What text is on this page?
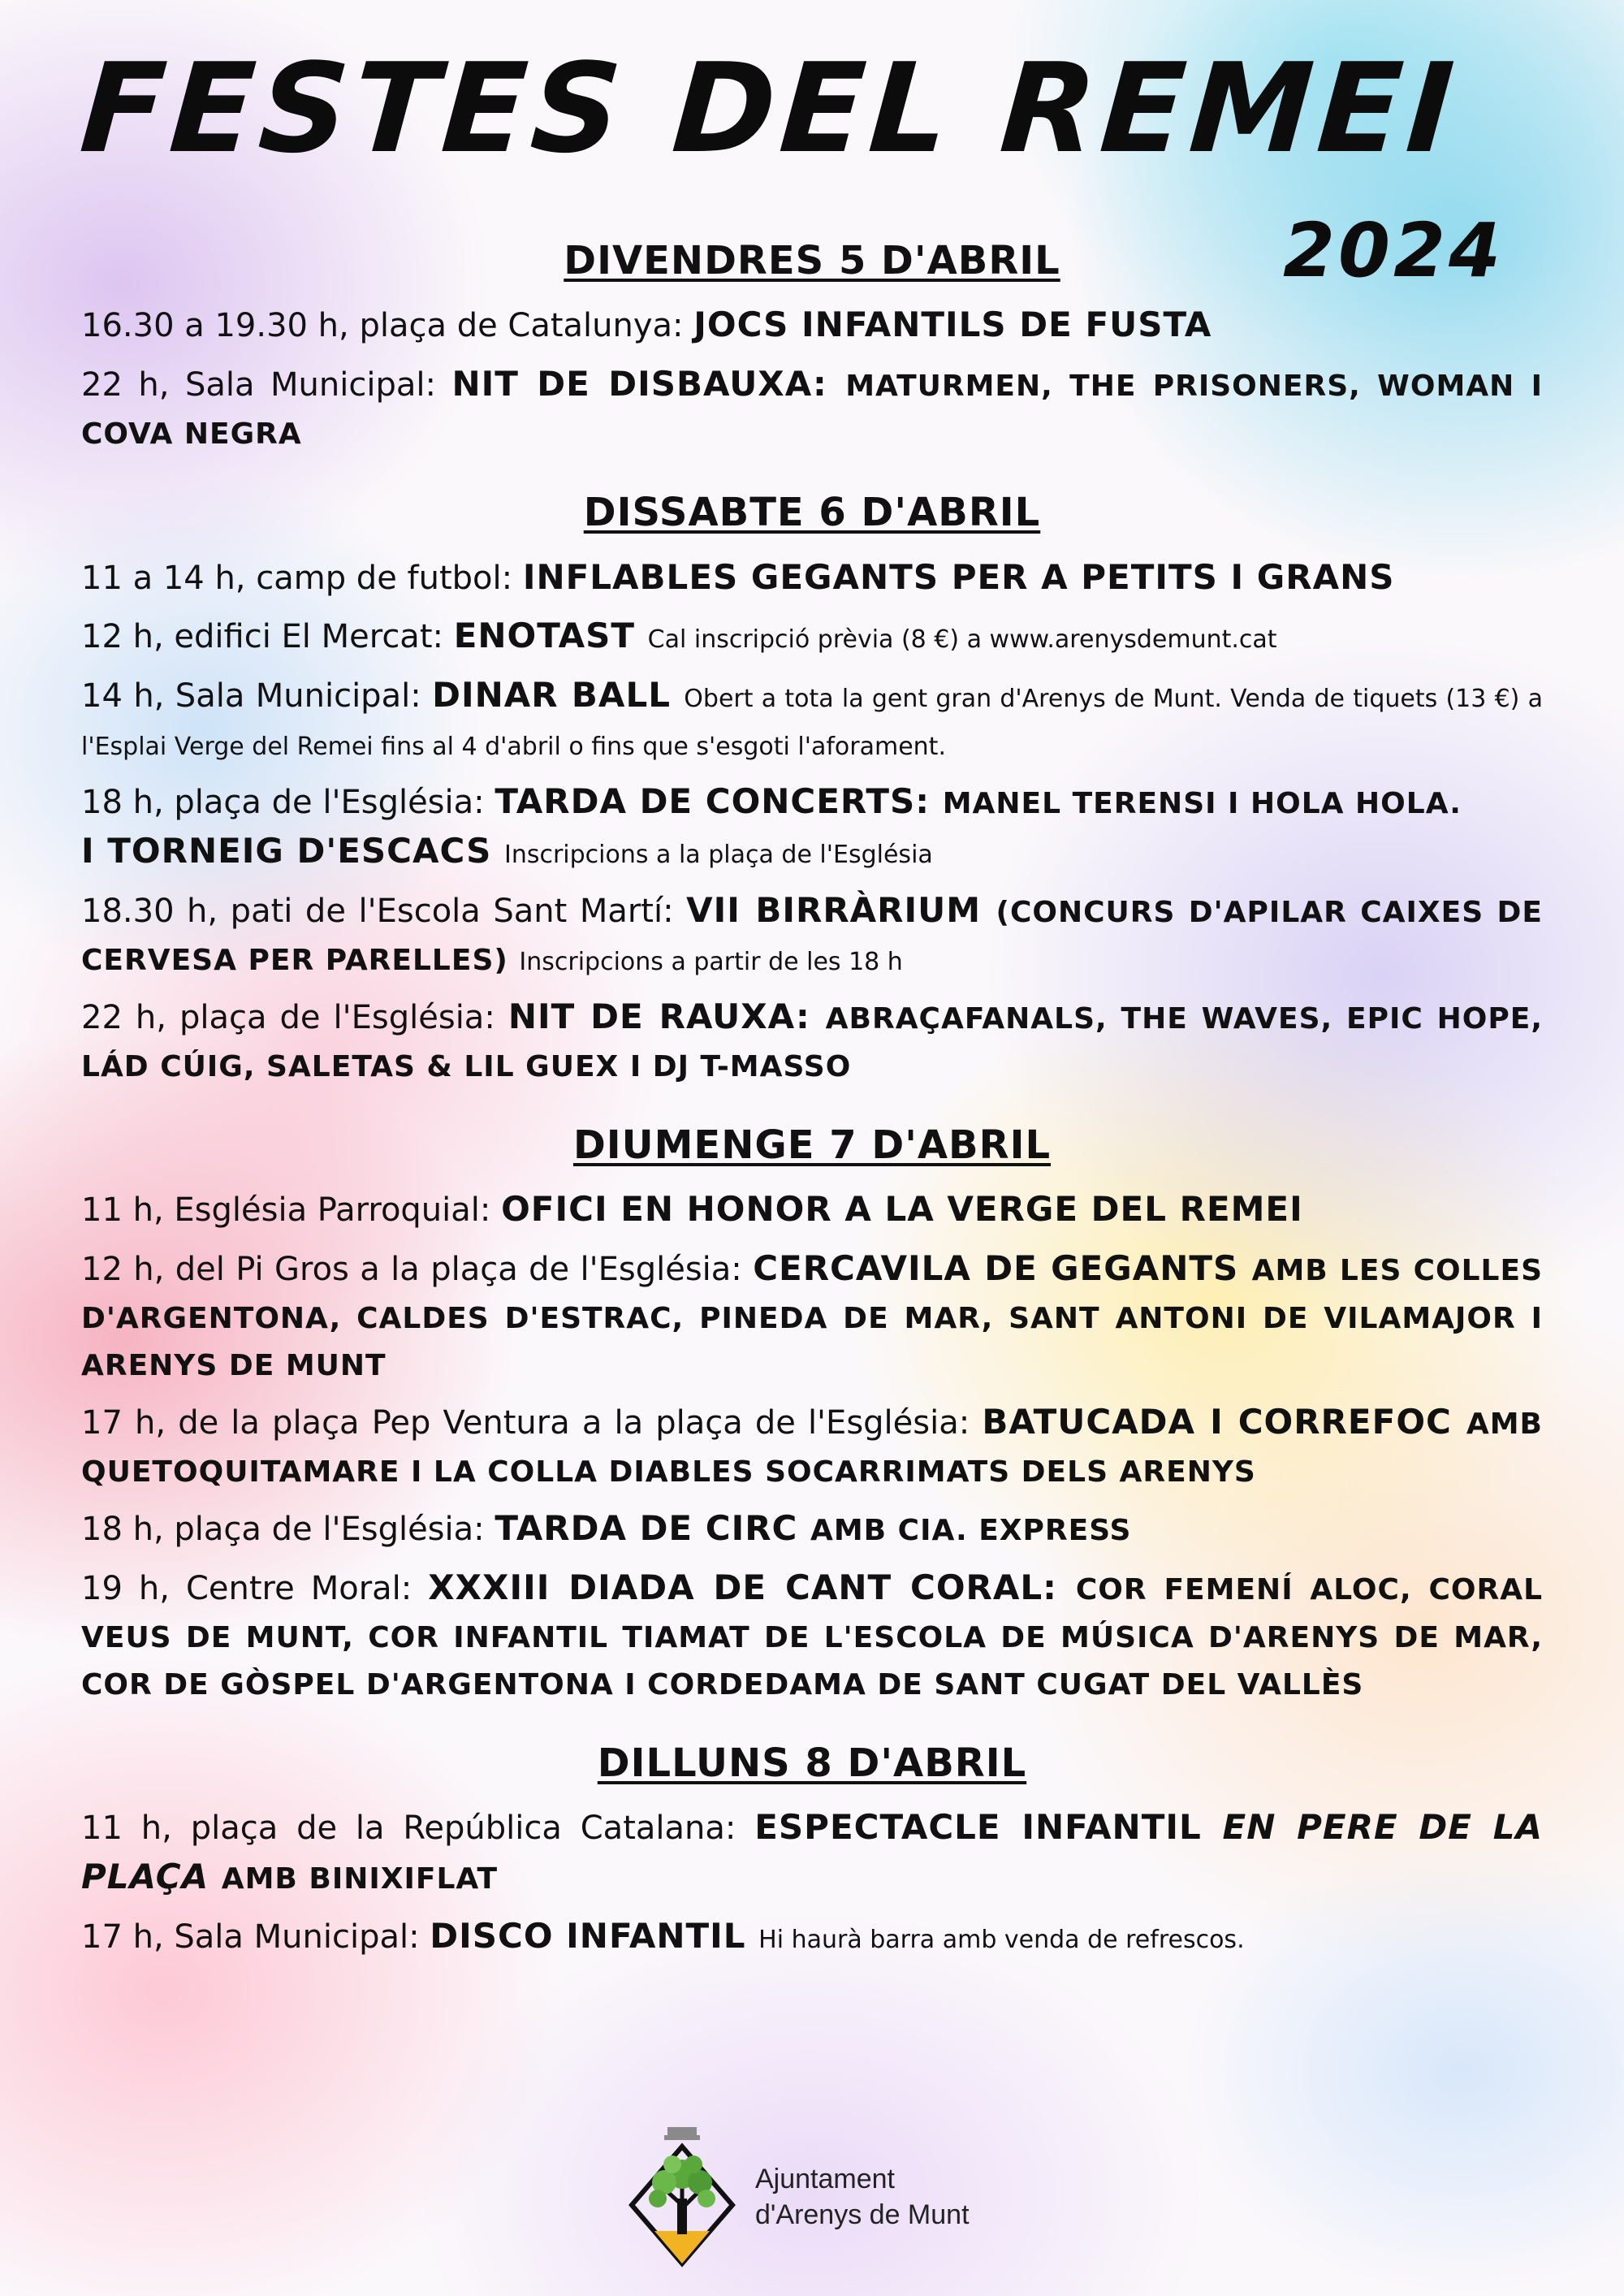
FESTES DEL REMEI
2024
DIVENDRES 5 D'ABRIL

16.30 a 19.30 h, plaça de Catalunya: JOCS INFANTILS DE FUSTA

22 h, Sala Municipal: NIT DE DISBAUXA: MATURMEN, THE PRISONERS, WOMAN I COVA NEGRA

DISSABTE 6 D'ABRIL

11 a 14 h, camp de futbol: INFLABLES GEGANTS PER A PETITS I GRANS

12 h, edifici El Mercat: ENOTAST Cal inscripció prèvia (8 €) a www.arenysdemunt.cat

14 h, Sala Municipal: DINAR BALL Obert a tota la gent gran d'Arenys de Munt. Venda de tiquets (13 €) a l'Esplai Verge del Remei fins al 4 d'abril o fins que s'esgoti l'aforament.

18 h, plaça de l'Església: TARDA DE CONCERTS: MANEL TERENSI I HOLA HOLA.
I TORNEIG D'ESCACS Inscripcions a la plaça de l'Església

18.30 h, pati de l'Escola Sant Martí: VII BIRRÀRIUM (CONCURS D'APILAR CAIXES DE CERVESA PER PARELLES) Inscripcions a partir de les 18 h

22 h, plaça de l'Església: NIT DE RAUXA: ABRAÇAFANALS, THE WAVES, EPIC HOPE, LÁD CÚIG, SALETAS & LIL GUEX I DJ T-MASSO

DIUMENGE 7 D'ABRIL

11 h, Església Parroquial: OFICI EN HONOR A LA VERGE DEL REMEI

12 h, del Pi Gros a la plaça de l'Església: CERCAVILA DE GEGANTS AMB LES COLLES D'ARGENTONA, CALDES D'ESTRAC, PINEDA DE MAR, SANT ANTONI DE VILAMAJOR I ARENYS DE MUNT

17 h, de la plaça Pep Ventura a la plaça de l'Església: BATUCADA I CORREFOC AMB QUETOQUITAMARE I LA COLLA DIABLES SOCARRIMATS DELS ARENYS

18 h, plaça de l'Església: TARDA DE CIRC AMB CIA. EXPRESS

19 h, Centre Moral: XXXIII DIADA DE CANT CORAL: COR FEMENÍ ALOC, CORAL VEUS DE MUNT, COR INFANTIL TIAMAT DE L'ESCOLA DE MÚSICA D'ARENYS DE MAR, COR DE GÒSPEL D'ARGENTONA I CORDEDAMA DE SANT CUGAT DEL VALLÈS

DILLUNS 8 D'ABRIL

11 h, plaça de la República Catalana: ESPECTACLE INFANTIL EN PERE DE LA PLAÇA AMB BINIXIFLAT

17 h, Sala Municipal: DISCO INFANTIL Hi haurà barra amb venda de refrescos.

Ajuntament
d'Arenys de Munt
